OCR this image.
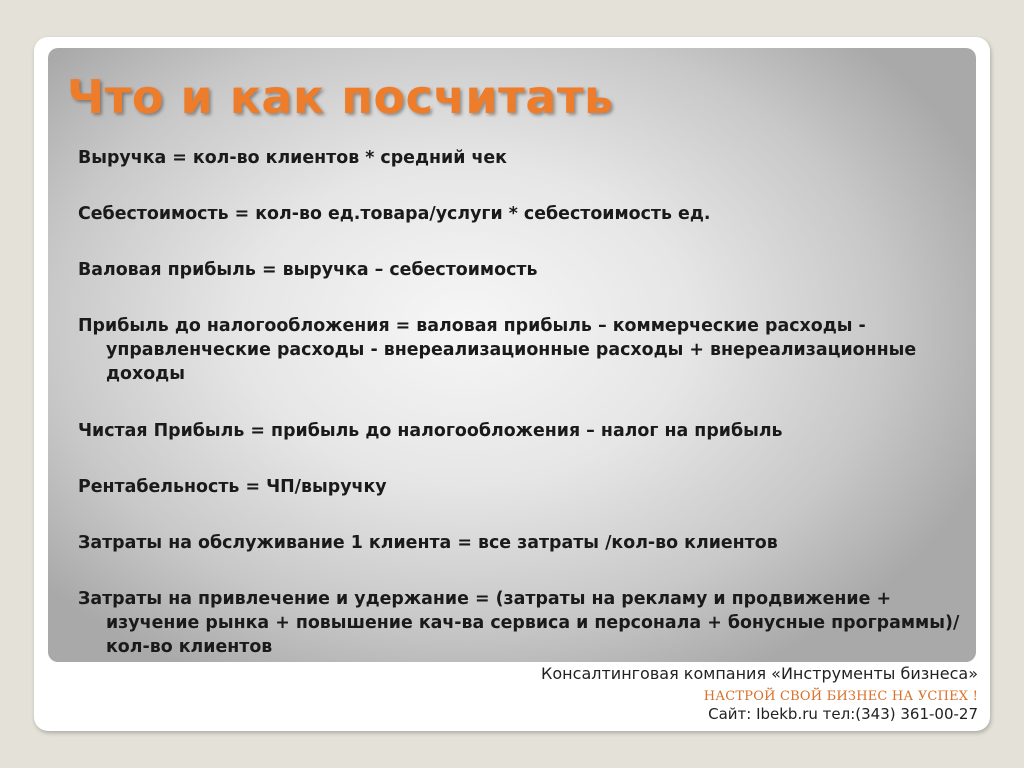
Что и как посчитать
Выручка = кол-во клиентов * средний чек
Себестоимость = кол-во ед.товара/услуги * себестоимость ед.
Валовая прибыль = выручка – себестоимость
Прибыль до налогообложения = валовая прибыль – коммерческие расходы - управленческие расходы - внереализационные расходы + внереализационные доходы
Чистая Прибыль = прибыль до налогообложения – налог на прибыль
Рентабельность = ЧП/выручку
Затраты на обслуживание 1 клиента = все затраты /кол-во клиентов
Затраты на привлечение и удержание = (затраты на рекламу и продвижение + изучение рынка + повышение кач-ва сервиса и персонала + бонусные программы)/кол-во клиентов
Консалтинговая компания «Инструменты бизнеса»
НАСТРОЙ СВОЙ БИЗНЕС НА УСПЕХ !
Сайт: Ibekb.ru тел:(343) 361-00-27
